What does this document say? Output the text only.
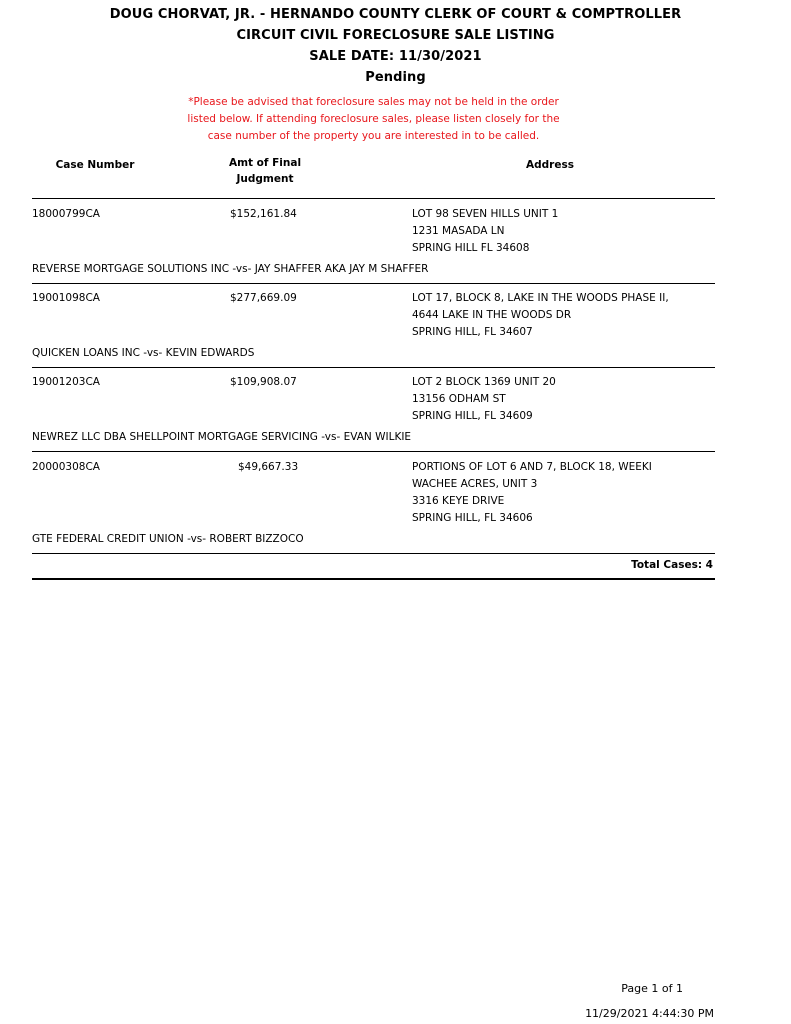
DOUG CHORVAT, JR. - HERNANDO COUNTY CLERK OF COURT & COMPTROLLER
CIRCUIT CIVIL FORECLOSURE SALE LISTING
SALE DATE: 11/30/2021
Pending
*Please be advised that foreclosure sales may not be held in the order
listed below. If attending foreclosure sales, please listen closely for the
case number of the property you are interested in to be called.
Case Number	Amt of Final
Judgment
Address
18000799CA	$152,161.84	LOT 98 SEVEN HILLS UNIT 1
1231 MASADA LN
SPRING HILL FL 34608
REVERSE MORTGAGE SOLUTIONS INC -vs- JAY SHAFFER AKA JAY M SHAFFER
19001098CA	$277,669.09	LOT 17, BLOCK 8, LAKE IN THE WOODS PHASE II,
4644 LAKE IN THE WOODS DR
SPRING HILL, FL 34607
QUICKEN LOANS INC -vs- KEVIN EDWARDS
19001203CA	$109,908.07	LOT 2 BLOCK 1369 UNIT 20
13156 ODHAM ST
SPRING HILL, FL 34609
NEWREZ LLC DBA SHELLPOINT MORTGAGE SERVICING -vs- EVAN WILKIE
20000308CA	$49,667.33	PORTIONS OF LOT 6 AND 7, BLOCK 18, WEEKI
WACHEE ACRES, UNIT 3
3316 KEYE DRIVE
SPRING HILL, FL 34606
GTE FEDERAL CREDIT UNION -vs- ROBERT BIZZOCO
Total Cases: 4
Page 1 of 1
11/29/2021 4:44:30 PM
